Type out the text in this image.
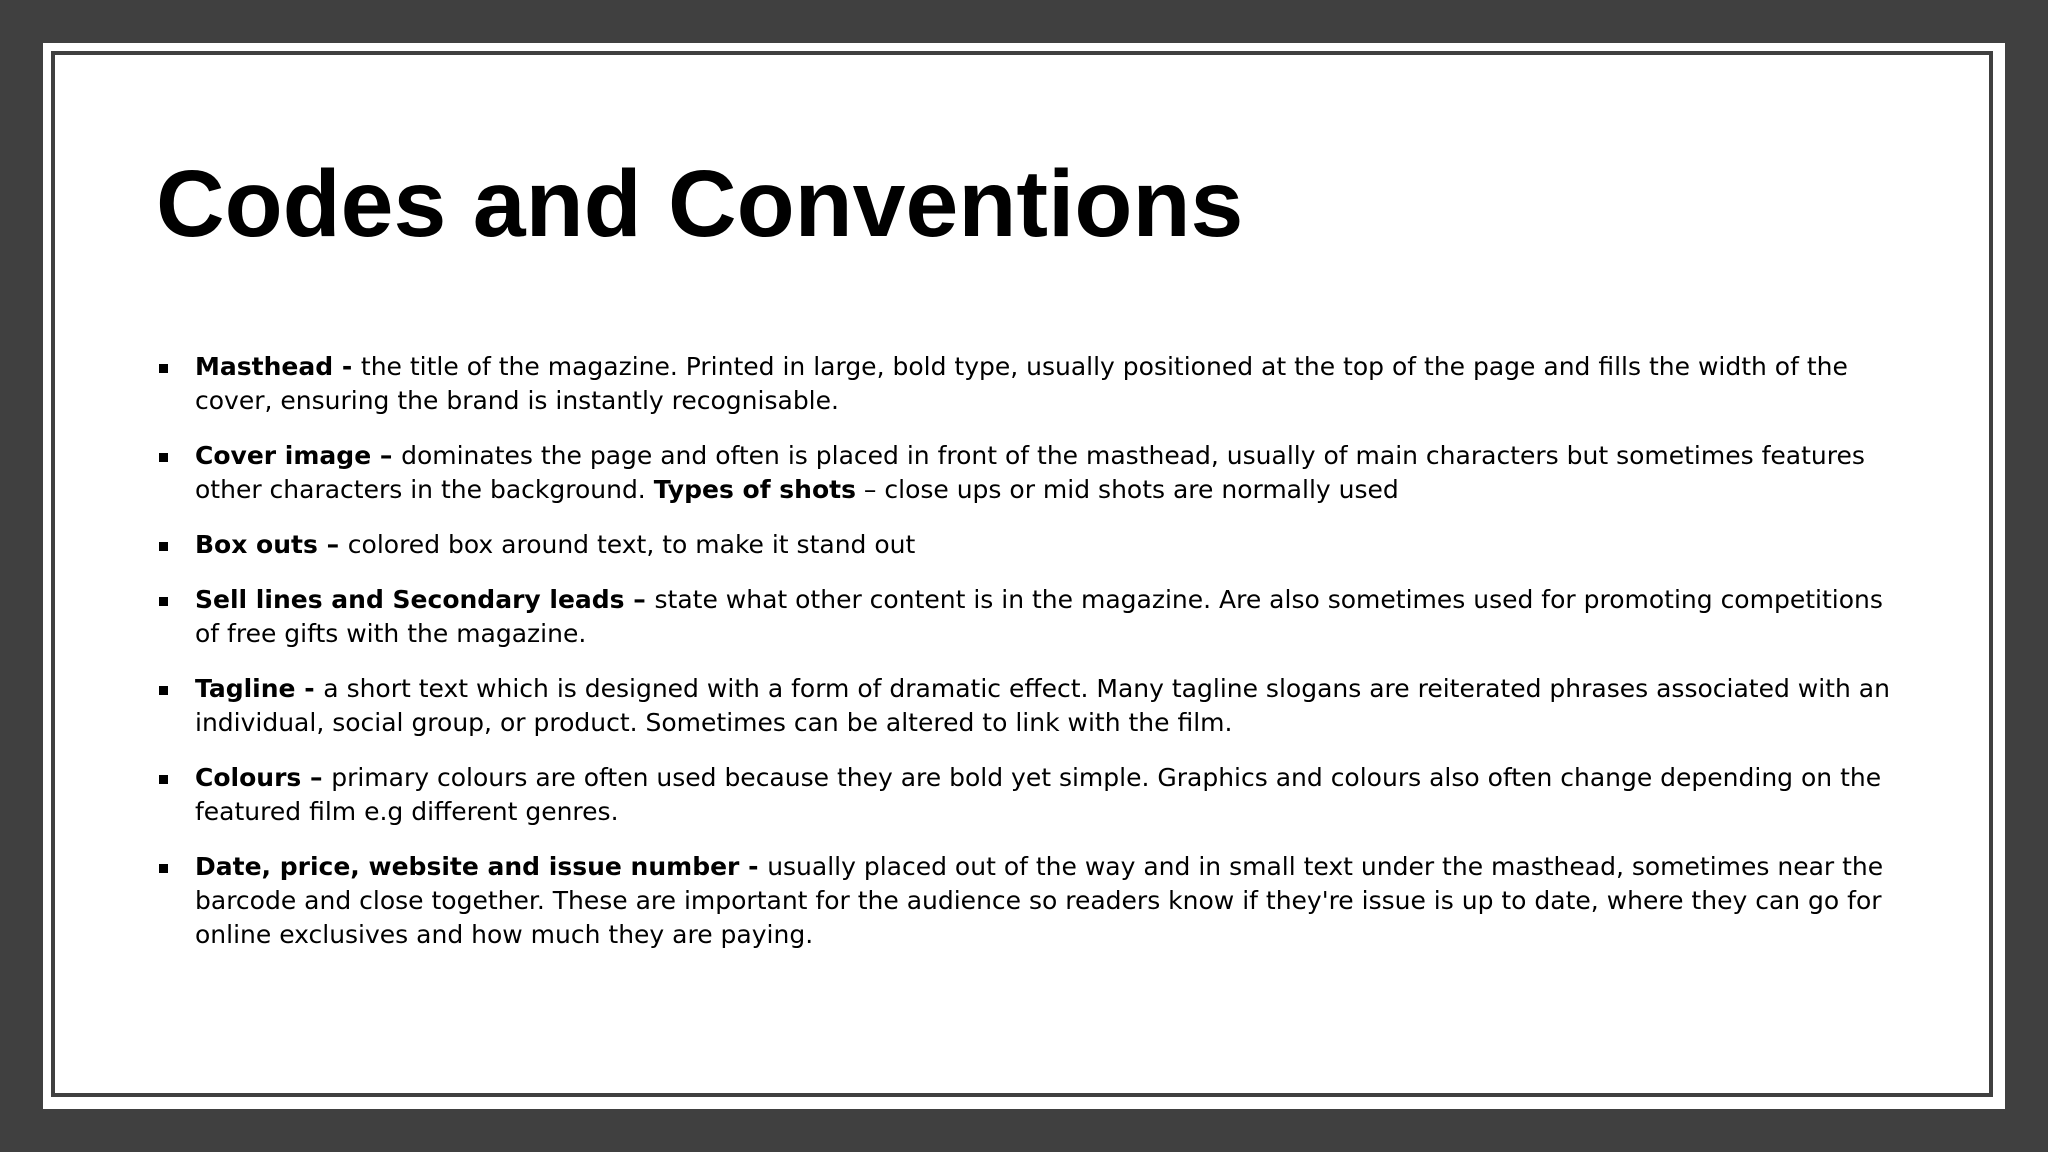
Codes and Conventions
Masthead - the title of the magazine. Printed in large, bold type, usually positioned at the top of the page and fills the width of the cover, ensuring the brand is instantly recognisable.
Cover image – dominates the page and often is placed in front of the masthead, usually of main characters but sometimes features other characters in the background. Types of shots – close ups or mid shots are normally used
Box outs – colored box around text, to make it stand out
Sell lines and Secondary leads – state what other content is in the magazine. Are also sometimes used for promoting competitions of free gifts with the magazine.
Tagline - a short text which is designed with a form of dramatic effect. Many tagline slogans are reiterated phrases associated with an individual, social group, or product. Sometimes can be altered to link with the film.
Colours – primary colours are often used because they are bold yet simple. Graphics and colours also often change depending on the featured film e.g different genres.
Date, price, website and issue number - usually placed out of the way and in small text under the masthead, sometimes near the barcode and close together. These are important for the audience so readers know if they're issue is up to date, where they can go for online exclusives and how much they are paying.
